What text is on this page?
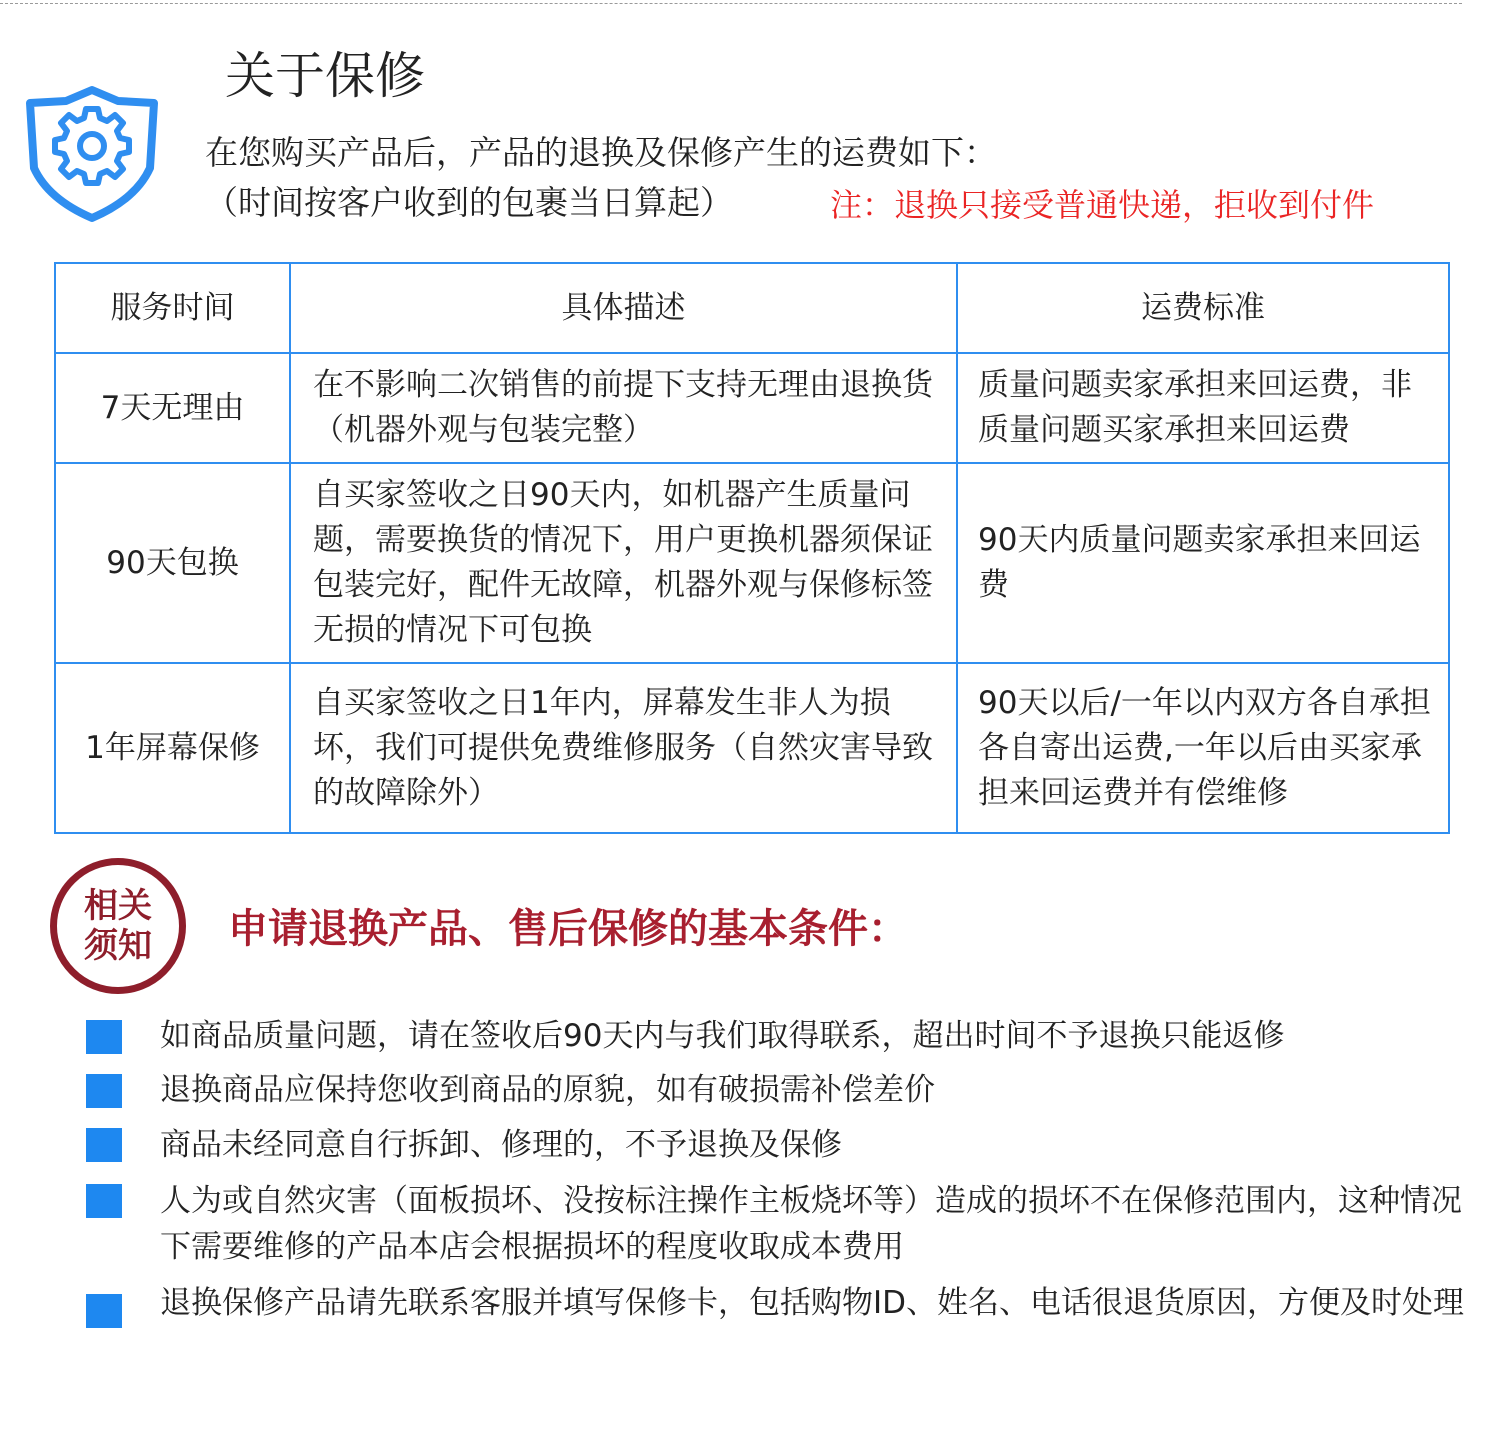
关于保修
在您购买产品后，产品的退换及保修产生的运费如下：
（时间按客户收到的包裹当日算起）	注：退换只接受普通快递，拒收到付件
服务时间	具体描述	运费标准
7天无理由	在不影响二次销售的前提下支持无理由退换货（机器外观与包装完整）	质量问题卖家承担来回运费，非质量问题买家承担来回运费
90天包换	自买家签收之日90天内，如机器产生质量问题，需要换货的情况下，用户更换机器须保证包装完好，配件无故障，机器外观与保修标签无损的情况下可包换	90天内质量问题卖家承担来回运费
1年屏幕保修	自买家签收之日1年内，屏幕发生非人为损坏，我们可提供免费维修服务（自然灾害导致的故障除外）	90天以后/一年以内双方各自承担各自寄出运费,一年以后由买家承担来回运费并有偿维修
相关
须知 申请退换产品、售后保修的基本条件：
如商品质量问题，请在签收后90天内与我们取得联系，超出时间不予退换只能返修
退换商品应保持您收到商品的原貌，如有破损需补偿差价
商品未经同意自行拆卸、修理的，不予退换及保修
人为或自然灾害（面板损坏、没按标注操作主板烧坏等）造成的损坏不在保修范围内，这种情况下需要维修的产品本店会根据损坏的程度收取成本费用
退换保修产品请先联系客服并填写保修卡，包括购物ID、姓名、电话很退货原因，方便及时处理
